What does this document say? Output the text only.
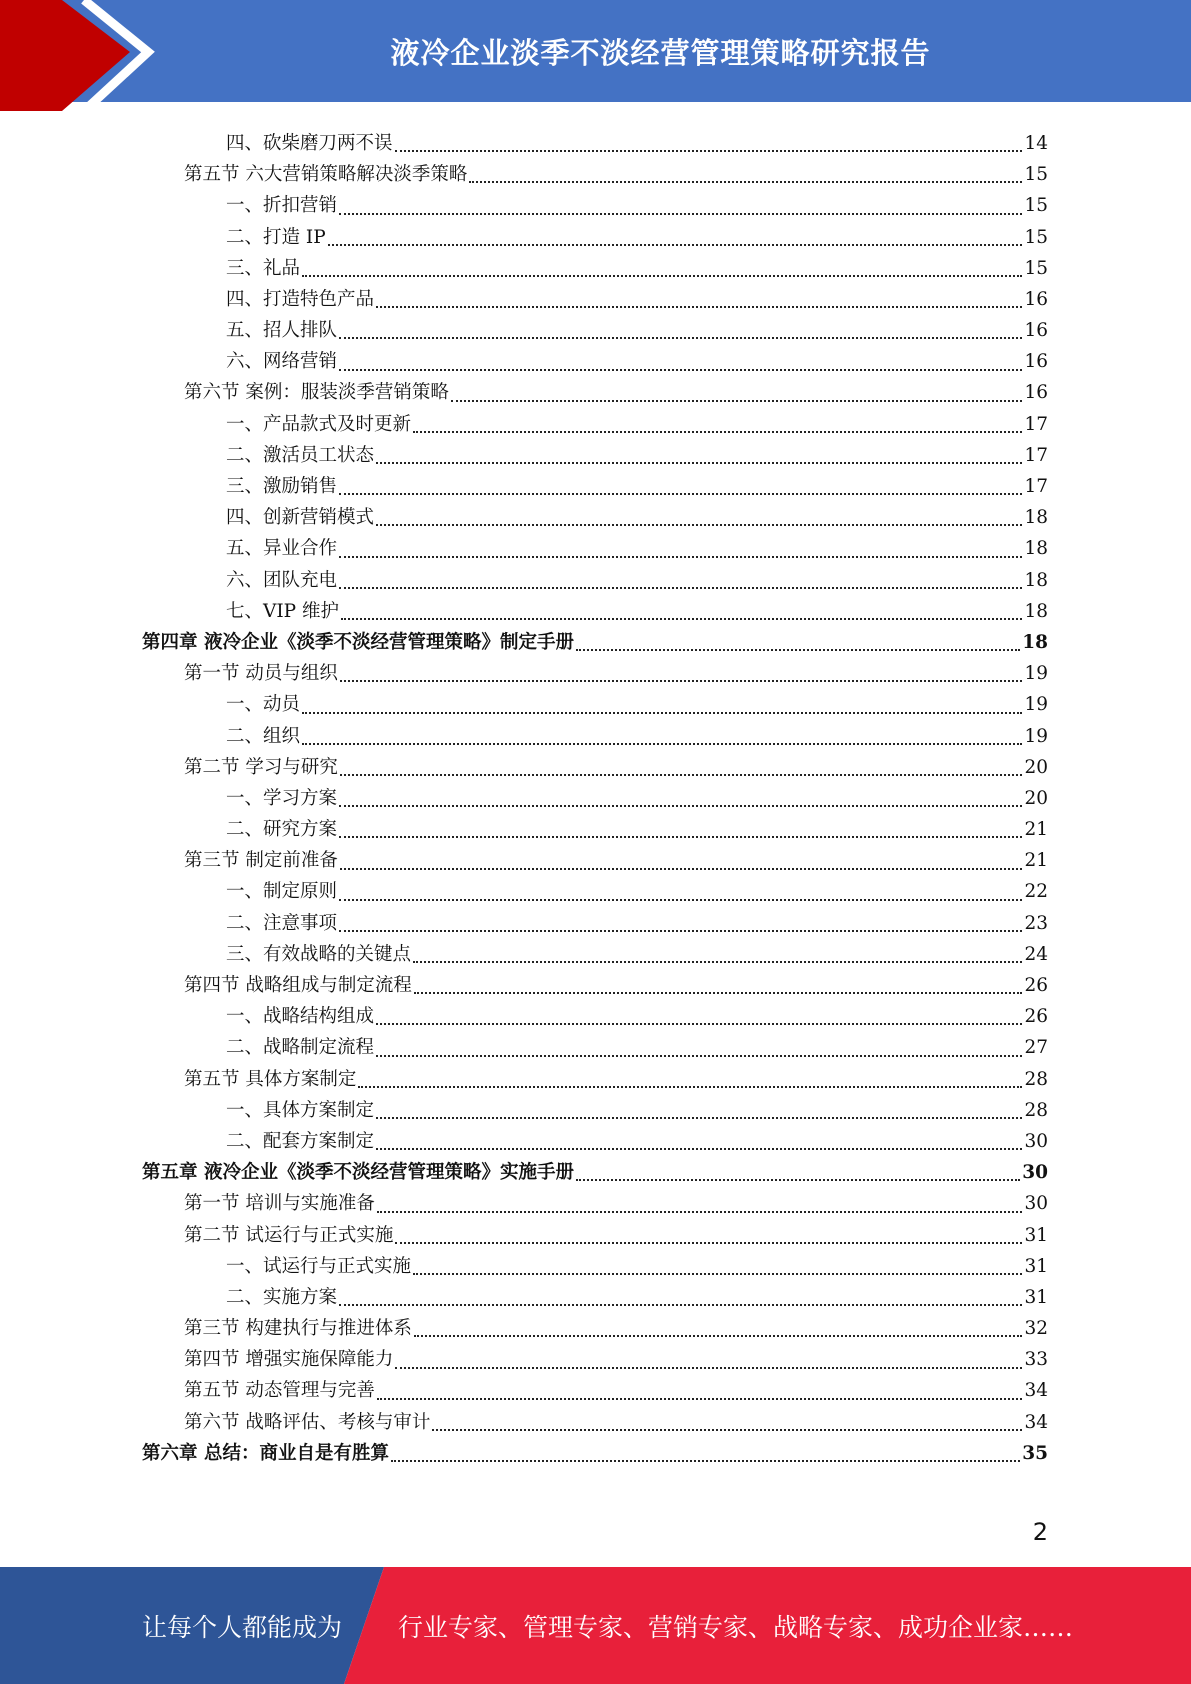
液冷企业淡季不淡经营管理策略研究报告
四、砍柴磨刀两不误	14
第五节 六大营销策略解决淡季策略	15
一、折扣营销	15
二、打造 IP	15
三、礼品	15
四、打造特色产品	16
五、招人排队	16
六、网络营销	16
第六节 案例：服装淡季营销策略	16
一、产品款式及时更新	17
二、激活员工状态	17
三、激励销售	17
四、创新营销模式	18
五、异业合作	18
六、团队充电	18
七、VIP 维护	18
第四章 液冷企业《淡季不淡经营管理策略》制定手册	18
第一节 动员与组织	19
一、动员	19
二、组织	19
第二节 学习与研究	20
一、学习方案	20
二、研究方案	21
第三节 制定前准备	21
一、制定原则	22
二、注意事项	23
三、有效战略的关键点	24
第四节 战略组成与制定流程	26
一、战略结构组成	26
二、战略制定流程	27
第五节 具体方案制定	28
一、具体方案制定	28
二、配套方案制定	30
第五章 液冷企业《淡季不淡经营管理策略》实施手册	30
第一节 培训与实施准备	30
第二节 试运行与正式实施	31
一、试运行与正式实施	31
二、实施方案	31
第三节 构建执行与推进体系	32
第四节 增强实施保障能力	33
第五节 动态管理与完善	34
第六节 战略评估、考核与审计	34
第六章 总结：商业自是有胜算	35
2
让每个人都能成为 行业专家、管理专家、营销专家、战略专家、成功企业家……
